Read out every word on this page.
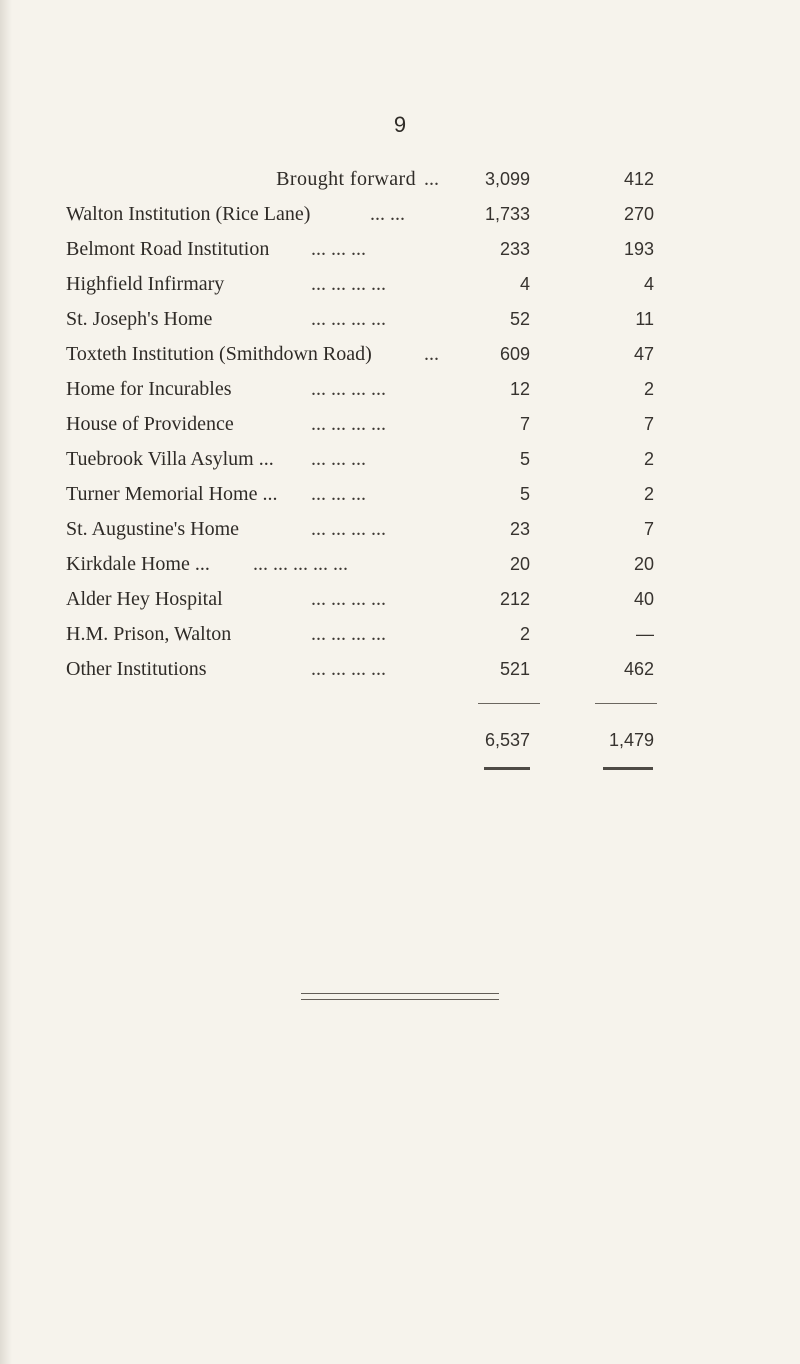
9
Brought forward ...	3,099	412
Walton Institution (Rice Lane)	... ...	1,733	270
Belmont Road Institution ... ... ...	233	193
Highfield Infirmary	... ... ... ...	4	4
St. Joseph's Home	... ... ... ...	52	11
Toxteth Institution (Smithdown Road)	...	609	47
Home for Incurables	... ... ... ...	12	2
House of Providence	... ... ... ...	7	7
Tuebrook Villa Asylum ... ... ... ...	5	2
Turner Memorial Home ... ... ... ...	5	2
St. Augustine's Home	... ... ... ...	23	7
Kirkdale Home ... ... ... ... ... ...	20	20
Alder Hey Hospital	... ... ... ...	212	40
H.M. Prison, Walton	... ... ... ...	2	—
Other Institutions	... ... ... ...	521	462
6,537	1,479
